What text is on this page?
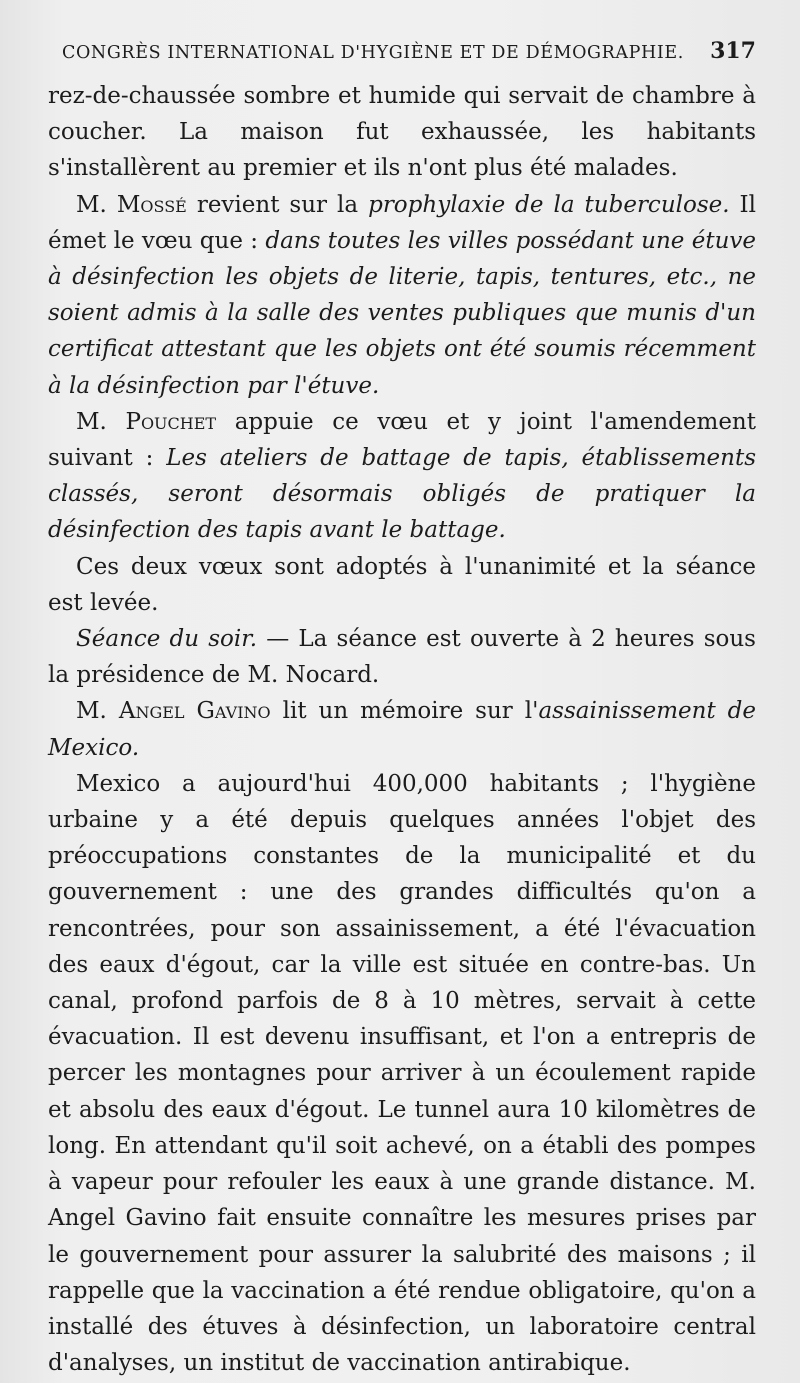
CONGRÈS INTERNATIONAL D'HYGIÈNE ET DE DÉMOGRAPHIE. 317

rez-de-chaussée sombre et humide qui servait de chambre à coucher. La maison fut exhaussée, les habitants s'installèrent au premier et ils n'ont plus été malades.

M. Mossé revient sur la prophylaxie de la tuberculose. Il émet le vœu que : dans toutes les villes possédant une étuve à désinfection les objets de literie, tapis, tentures, etc., ne soient admis à la salle des ventes publiques que munis d'un certificat attestant que les objets ont été soumis récemment à la désinfection par l'étuve.

M. Pouchet appuie ce vœu et y joint l'amendement suivant : Les ateliers de battage de tapis, établissements classés, seront désormais obligés de pratiquer la désinfection des tapis avant le battage.

Ces deux vœux sont adoptés à l'unanimité et la séance est levée.

Séance du soir. — La séance est ouverte à 2 heures sous la présidence de M. Nocard.

M. Angel Gavino lit un mémoire sur l'assainissement de Mexico.

Mexico a aujourd'hui 400,000 habitants ; l'hygiène urbaine y a été depuis quelques années l'objet des préoccupations constantes de la municipalité et du gouvernement : une des grandes difficultés qu'on a rencontrées, pour son assainissement, a été l'évacuation des eaux d'égout, car la ville est située en contre-bas. Un canal, profond parfois de 8 à 10 mètres, servait à cette évacuation. Il est devenu insuffisant, et l'on a entrepris de percer les montagnes pour arriver à un écoulement rapide et absolu des eaux d'égout. Le tunnel aura 10 kilomètres de long. En attendant qu'il soit achevé, on a établi des pompes à vapeur pour refouler les eaux à une grande distance. M. Angel Gavino fait ensuite connaître les mesures prises par le gouvernement pour assurer la salubrité des maisons ; il rappelle que la vaccination a été rendue obligatoire, qu'on a installé des étuves à désinfection, un laboratoire central d'analyses, un institut de vaccination antirabique.
